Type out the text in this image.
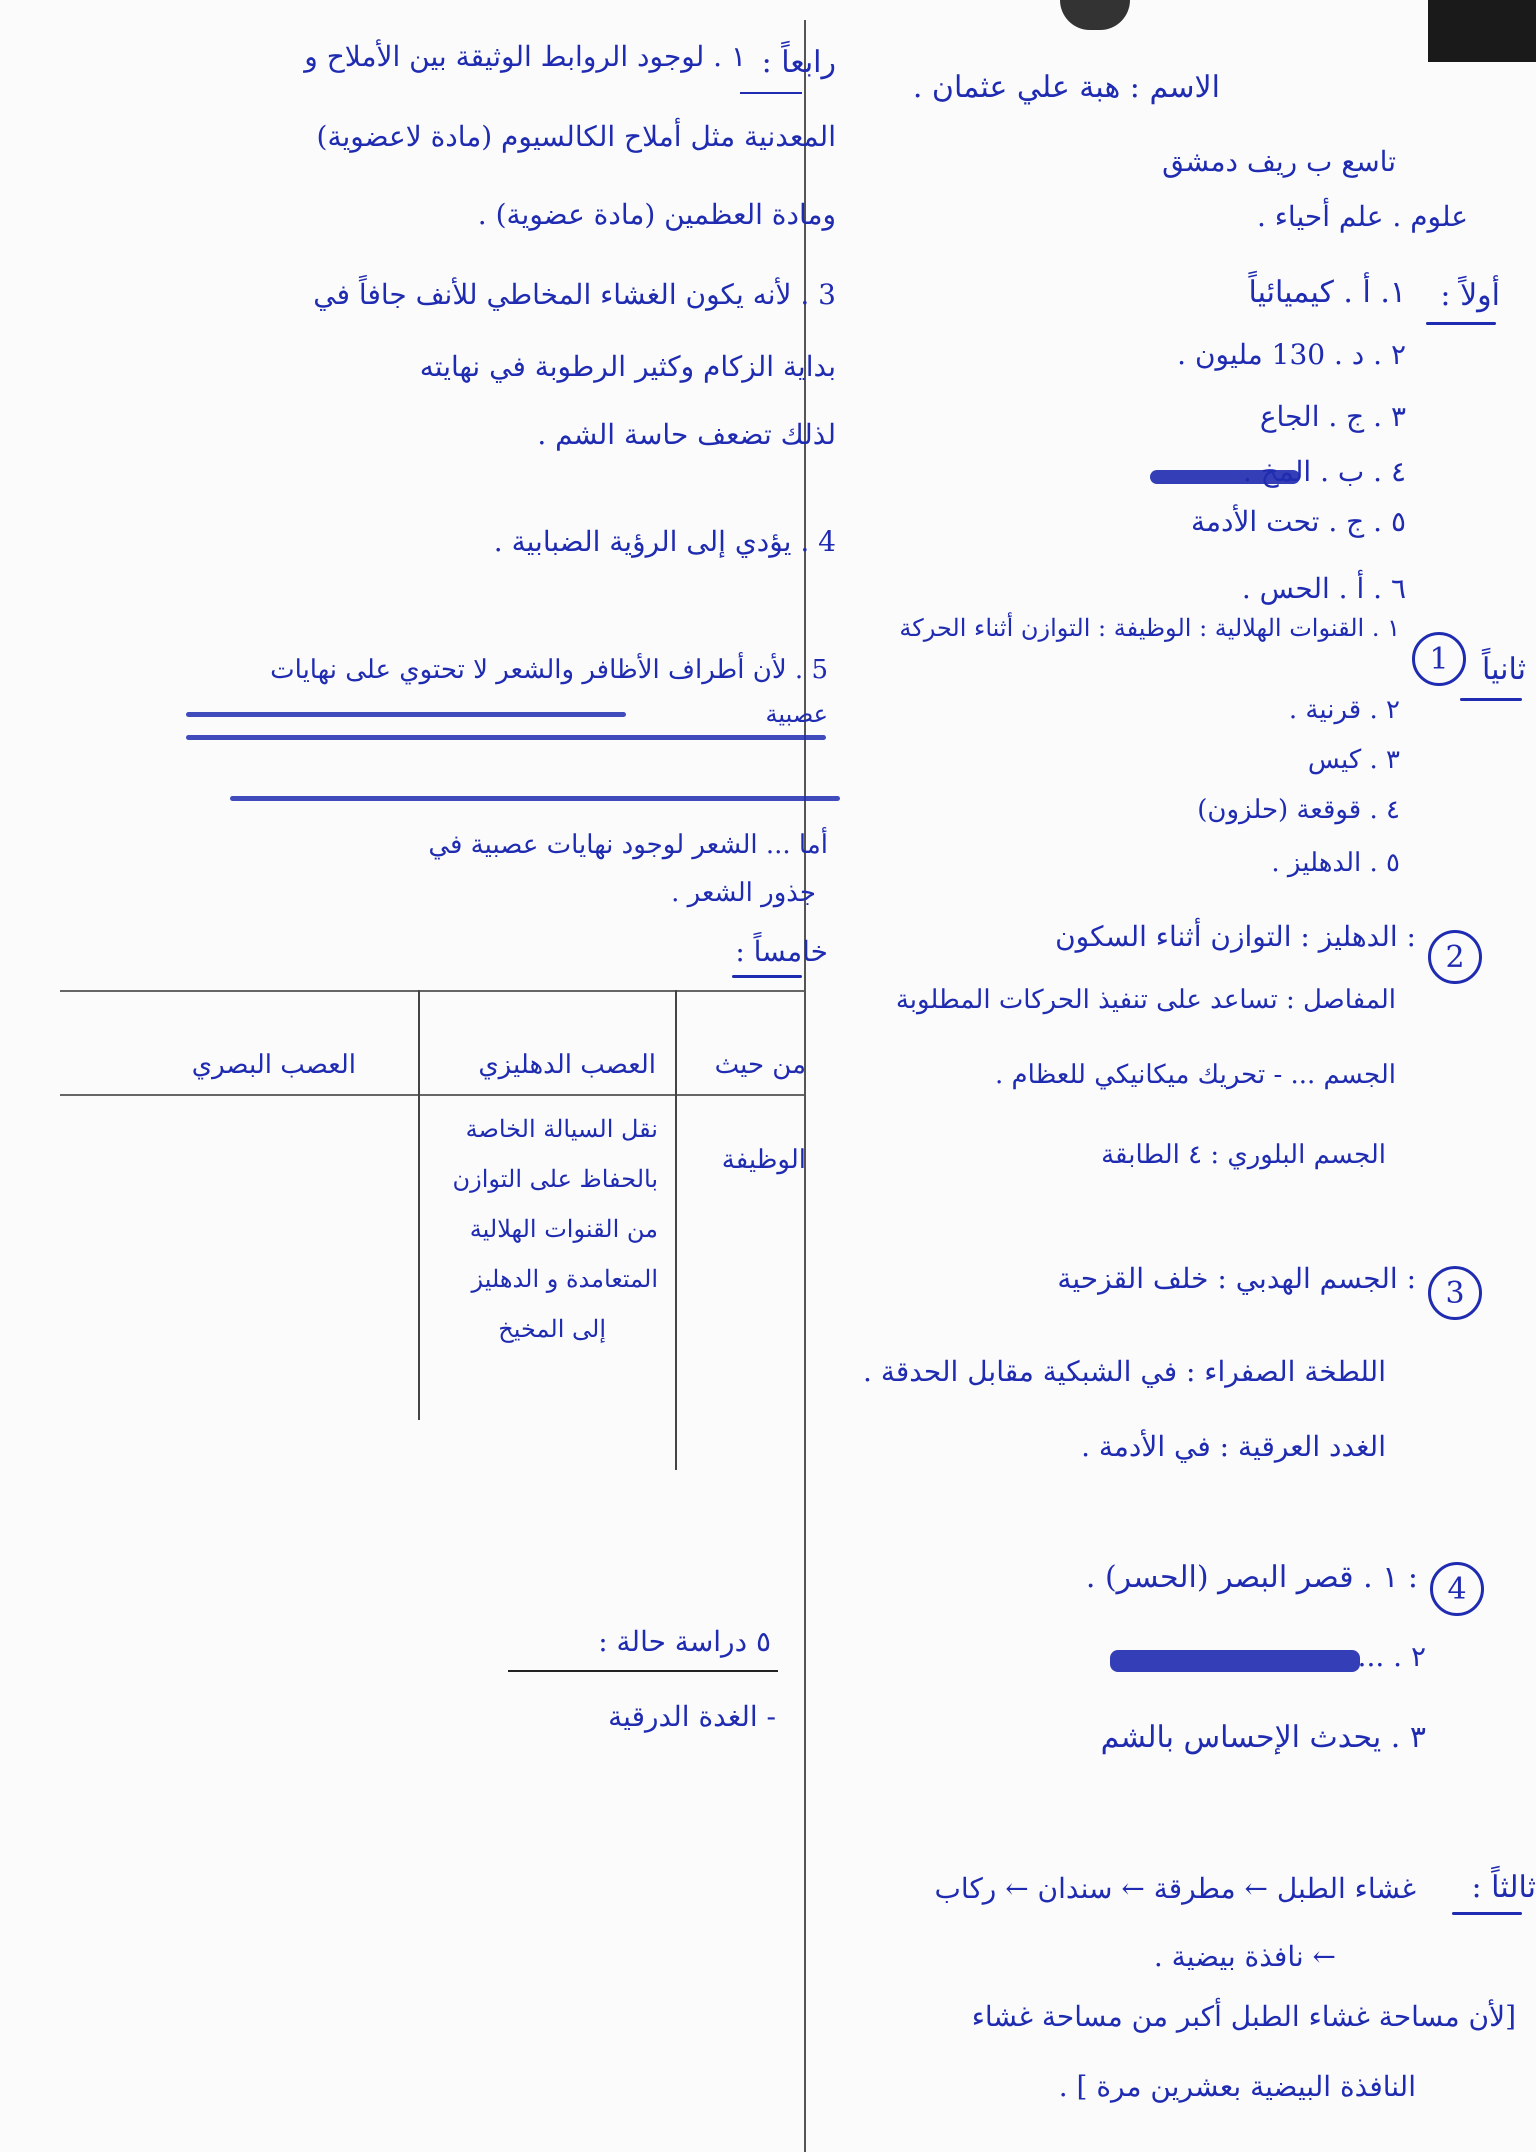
الاسم : هبة علي عثمان .
تاسع ب ريف دمشق
علوم . علم أحياء .
أولاً :
١. أ . كيميائياً
٢ . د . 130 مليون .
٣ . ج . الجاع
٤ . ب . المخ .
٥ . ج . تحت الأدمة
٦ . أ . الحس .
ثانياً
1
١ . القنوات الهلالية : الوظيفة : التوازن أثناء الحركة
٢ . قرنية .
٣ . كيس
٤ . قوقعة (حلزون)
٥ . الدهليز .
2
: الدهليز : التوازن أثناء السكون
المفاصل : تساعد على تنفيذ الحركات المطلوبة
الجسم ... - تحريك ميكانيكي للعظام .
الجسم البلوري : ٤ الطابقة
3
: الجسم الهدبي : خلف القزحية
اللطخة الصفراء : في الشبكية مقابل الحدقة .
الغدد العرقية : في الأدمة .
4
: ١ . قصر البصر (الحسر) .
٢ . ...
٣ . يحدث الإحساس بالشم
ثالثاً :
غشاء الطبل ← مطرقة ← سندان ← ركاب
← نافذة بيضية .
[لأن مساحة غشاء الطبل أكبر من مساحة غشاء
النافذة البيضية بعشرين مرة ] .
رابعاً :
١ . لوجود الروابط الوثيقة بين الأملاح و
المعدنية مثل أملاح الكالسيوم (مادة لاعضوية)
ومادة العظمين (مادة عضوية) .
3 . لأنه يكون الغشاء المخاطي للأنف جافاً في
بداية الزكام وكثير الرطوبة في نهايته
لذلك تضعف حاسة الشم .
4 . يؤدي إلى الرؤية الضبابية .
5 . لأن أطراف الأظافر والشعر لا تحتوي على نهايات
عصبية
أما ... الشعر لوجود نهايات عصبية في
جذور الشعر .
خامساً :
من حيث
العصب الدهليزي
العصب البصري
الوظيفة
نقل السيالة الخاصة
بالحفاظ على التوازن
من القنوات الهلالية
المتعامدة و الدهليز
إلى المخيخ
٥ دراسة حالة :
- الغدة الدرقية
